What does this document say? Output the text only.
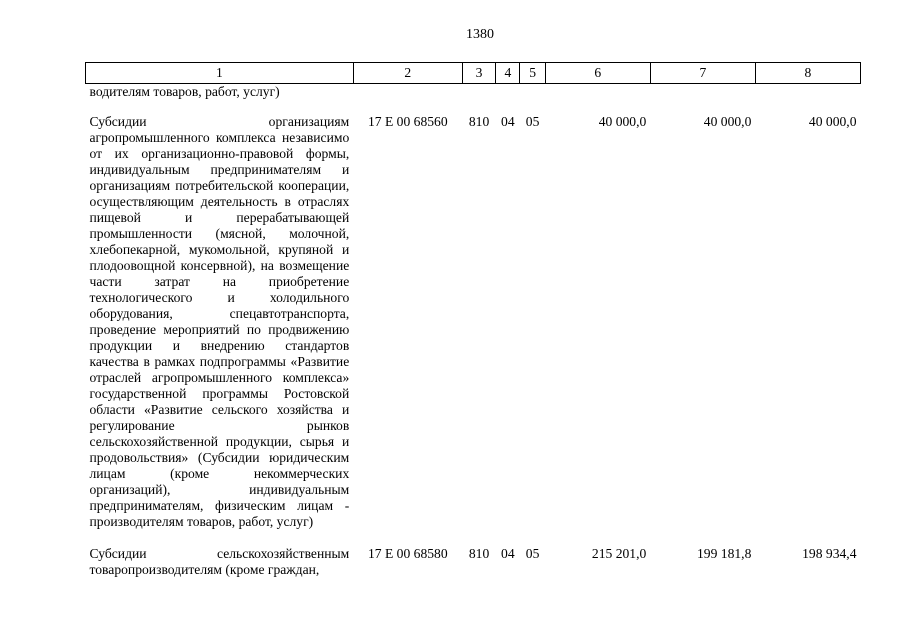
1380
1	2	3	4	5	6	7	8
водителям товаров, работ, услуг)							
Субсидии организациям агропромышленного комплекса независимо от их организационно-правовой формы, индивидуальным предпринимателям и организациям потребительской кооперации, осуществляющим деятельность в отраслях пищевой и перерабатывающей промышленности (мясной, молочной, хлебопекарной, мукомольной, крупяной и плодоовощной консервной), на возмещение части затрат на приобретение технологического и холодильного оборудования, спецавтотранспорта, проведение мероприятий по продвижению продукции и внедрению стандартов качества в рамках подпрограммы «Развитие отраслей агропромышленного комплекса» государственной программы Ростовской области «Развитие сельского хозяйства и регулирование рынков сельскохозяйственной продукции, сырья и продовольствия» (Субсидии юридическим лицам (кроме некоммерческих организаций), индивидуальным предпринимателям, физическим лицам - производителям товаров, работ, услуг)	17 Е 00 68560	810	04	05	40 000,0	40 000,0	40 000,0
Субсидии сельскохозяйственным товаропроизводителям (кроме граждан,	17 Е 00 68580	810	04	05	215 201,0	199 181,8	198 934,4
